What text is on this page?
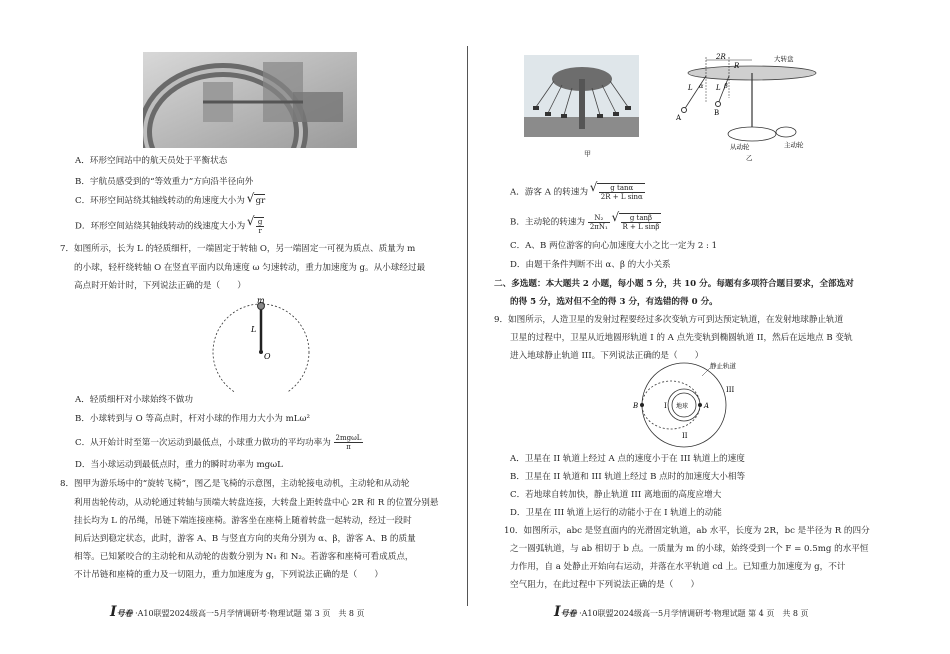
A．环形空间站中的航天员处于平衡状态
B．宇航员感受到的“等效重力”方向沿半径向外
C．环形空间站绕其轴线转动的角速度大小为 √ gr
D．环形空间站绕其轴线转动的线速度大小为 √ $\frac{g}{r}$
7．如图所示，长为 L 的轻质细杆，一端固定于转轴 O，另一端固定一可视为质点、质量为 m
的小球，轻杆绕转轴 O 在竖直平面内以角速度 ω 匀速转动，重力加速度为 g。从小球经过最
高点时开始计时，下列说法正确的是（　　）
m
L
O
A．轻质细杆对小球始终不做功
B．小球转到与 O 等高点时，杆对小球的作用力大小为 mLω²
C．从开始计时至第一次运动到最低点，小球重力做功的平均功率为 $\frac{\text{2mgωL}}{\pi}$
D．当小球运动到最低点时，重力的瞬时功率为 mgωL
8．图甲为游乐场中的“旋转飞椅”，图乙是飞椅的示意图，主动轮接电动机，主动轮和从动轮
利用齿轮传动，从动轮通过转轴与顶端大转盘连接，大转盘上距转盘中心 2R 和 R 的位置分别悬
挂长均为 L 的吊绳，吊链下端连接座椅。游客坐在座椅上随着转盘一起转动，经过一段时
间后达到稳定状态，此时，游客 A、B 与竖直方向的夹角分别为 α、β，游客 A、B 的质量
相等。已知紧咬合的主动轮和从动轮的齿数分别为 N₁ 和 N₂。若游客和座椅可看成质点，
不计吊链和座椅的重力及一切阻力，重力加速度为 g，下列说法正确的是（　　）
I号卷 ·A10联盟2024级高一5月学情调研考·物理试题 第 3 页　共 8 页
甲
2R
R
大转盘
L	L
α	β
A
B
从动轮	主动轮
乙
A．游客 A 的转速为 √ $\frac{\text{g tanα}}{\text{2R + L sinα}}$
B．主动轮的转速为 $\frac{\text{N₂}}{\text{2πN₁}}$
√ $\frac{\text{g tanβ}}{\text{R + L sinβ}}$
C．A、B 两位游客的向心加速度大小之比一定为 2 : 1
D．由题干条件判断不出 α、β 的大小关系
二、多选题：本大题共 2 小题，每小题 5 分，共 10 分。每题有多项符合题目要求，全部选对
的得 5 分，选对但不全的得 3 分，有选错的得 0 分。
9．如图所示，人造卫星的发射过程要经过多次变轨方可到达预定轨道，在发射地球静止轨道
卫星的过程中，卫星从近地圆形轨道 I 的 A 点先变轨到椭圆轨道 II，然后在远地点 B 变轨
进入地球静止轨道 III。下列说法正确的是（　　）
静止轨道
III
I
II
地球 A
B
A．卫星在 II 轨道上经过 A 点的速度小于在 III 轨道上的速度
B．卫星在 II 轨道和 III 轨道上经过 B 点时的加速度大小相等
C．若地球自转加快，静止轨道 III 离地面的高度应增大
D．卫星在 III 轨道上运行的动能小于在 I 轨道上的动能
10．如图所示，abc 是竖直面内的光滑固定轨道，ab 水平，长度为 2R，bc 是半径为 R 的四分
之一圆弧轨道，与 ab 相切于 b 点。一质量为 m 的小球，始终受到一个 F = 0.5mg 的水平恒
力作用，自 a 处静止开始向右运动，并落在水平轨道 cd 上。已知重力加速度为 g，不计
空气阻力，在此过程中下列说法正确的是（　　）
I号卷 ·A10联盟2024级高一5月学情调研考·物理试题 第 4 页　共 8 页
